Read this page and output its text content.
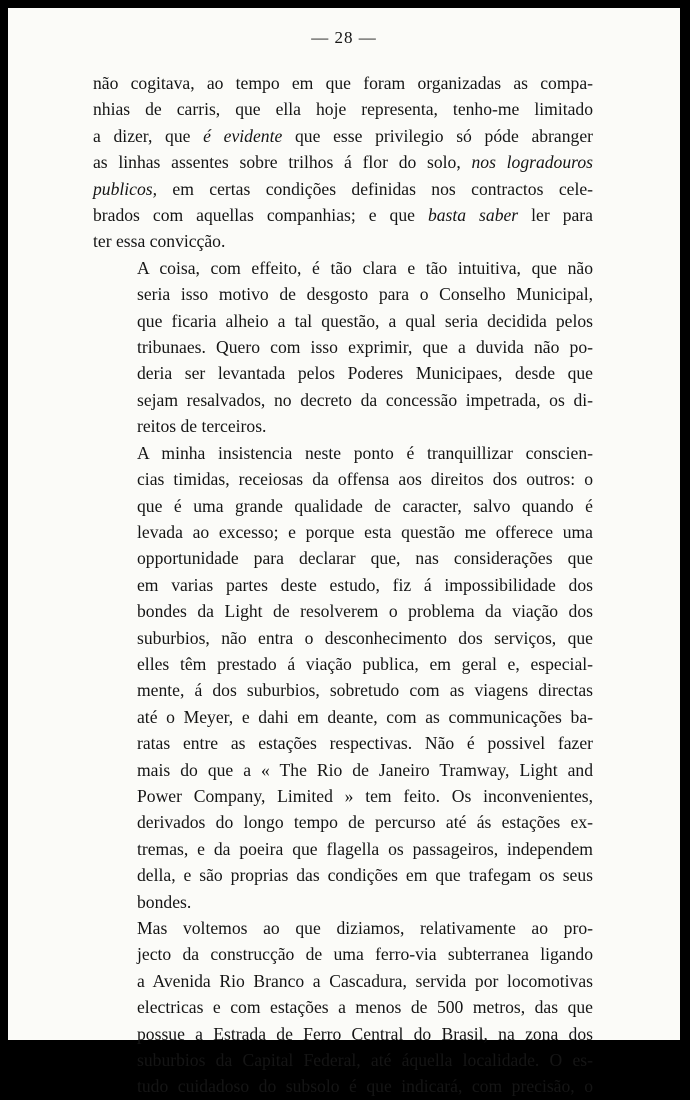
— 28 —

não cogitava, ao tempo em que foram organizadas as compa-
nhias de carris, que ella hoje representa, tenho-me limitado
a dizer, que é evidente que esse privilegio só póde abranger
as linhas assentes sobre trilhos á flor do solo, nos logradouros
publicos, em certas condições definidas nos contractos cele-
brados com aquellas companhias; e que basta saber ler para
ter essa convicção.

A coisa, com effeito, é tão clara e tão intuitiva, que não
seria isso motivo de desgosto para o Conselho Municipal,
que ficaria alheio a tal questão, a qual seria decidida pelos
tribunaes. Quero com isso exprimir, que a duvida não po-
deria ser levantada pelos Poderes Municipaes, desde que
sejam resalvados, no decreto da concessão impetrada, os di-
reitos de terceiros.

A minha insistencia neste ponto é tranquillizar conscien-
cias timidas, receiosas da offensa aos direitos dos outros: o
que é uma grande qualidade de caracter, salvo quando é
levada ao excesso; e porque esta questão me offerece uma
opportunidade para declarar que, nas considerações que
em varias partes deste estudo, fiz á impossibilidade dos
bondes da Light de resolverem o problema da viação dos
suburbios, não entra o desconhecimento dos serviços, que
elles têm prestado á viação publica, em geral e, especial-
mente, á dos suburbios, sobretudo com as viagens directas
até o Meyer, e dahi em deante, com as communicações ba-
ratas entre as estações respectivas. Não é possivel fazer
mais do que a « The Rio de Janeiro Tramway, Light and
Power Company, Limited » tem feito. Os inconvenientes,
derivados do longo tempo de percurso até ás estações ex-
tremas, e da poeira que flagella os passageiros, independem
della, e são proprias das condições em que trafegam os seus
bondes.

Mas voltemos ao que diziamos, relativamente ao pro-
jecto da construcção de uma ferro-via subterranea ligando
a Avenida Rio Branco a Cascadura, servida por locomotivas
electricas e com estações a menos de 500 metros, das que
possue a Estrada de Ferro Central do Brasil, na zona dos
suburbios da Capital Federal, até áquella localidade. O es-
tudo cuidadoso do subsolo é que indicará, com precisão, o
